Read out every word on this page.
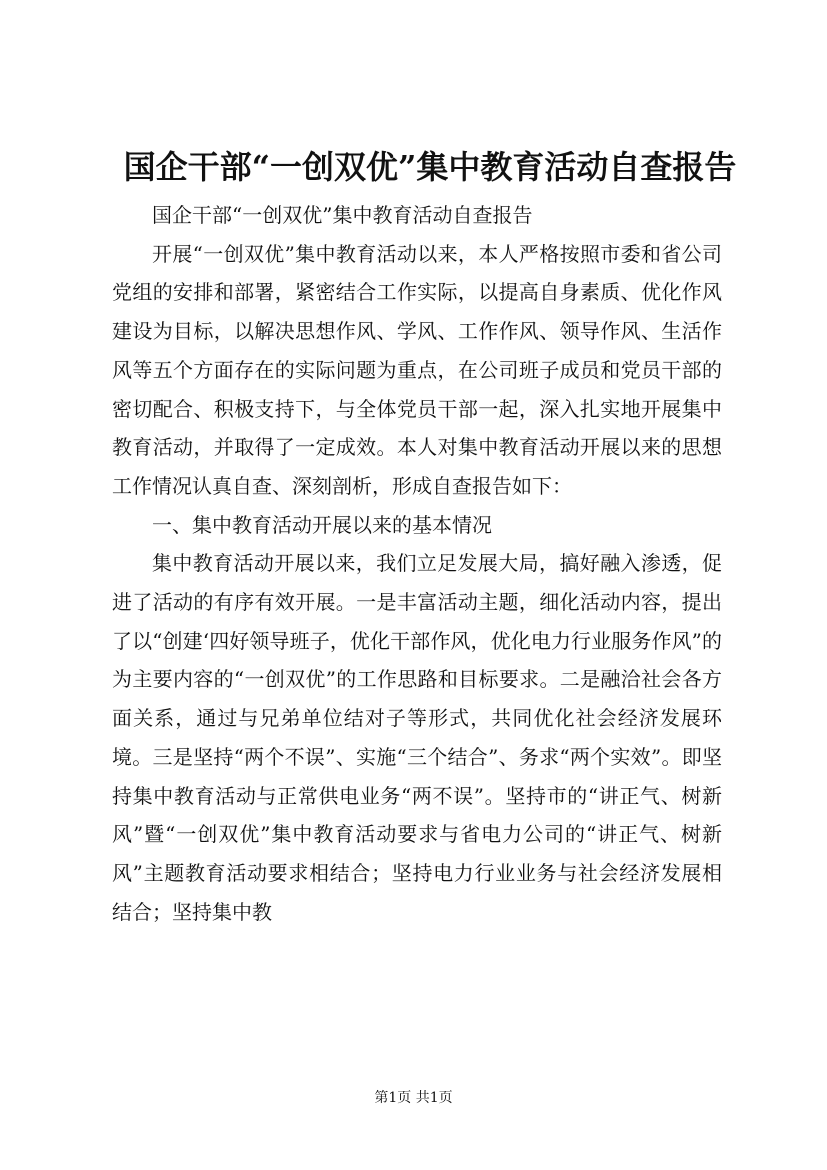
国企干部“一创双优”集中教育活动自查报告

国企干部“一创双优”集中教育活动自查报告

开展“一创双优”集中教育活动以来，本人严格按照市委和省公司党组的安排和部署，紧密结合工作实际，以提高自身素质、优化作风建设为目标，以解决思想作风、学风、工作作风、领导作风、生活作风等五个方面存在的实际问题为重点，在公司班子成员和党员干部的密切配合、积极支持下，与全体党员干部一起，深入扎实地开展集中教育活动，并取得了一定成效。本人对集中教育活动开展以来的思想工作情况认真自查、深刻剖析，形成自查报告如下：

一、集中教育活动开展以来的基本情况

集中教育活动开展以来，我们立足发展大局，搞好融入渗透，促进了活动的有序有效开展。一是丰富活动主题，细化活动内容，提出了以“创建‘四好领导班子，优化干部作风，优化电力行业服务作风”的为主要内容的“一创双优”的工作思路和目标要求。二是融洽社会各方面关系，通过与兄弟单位结对子等形式，共同优化社会经济发展环境。三是坚持“两个不误”、实施“三个结合”、务求“两个实效”。即坚持集中教育活动与正常供电业务“两不误”。坚持市的“讲正气、树新风”暨“一创双优”集中教育活动要求与省电力公司的“讲正气、树新风”主题教育活动要求相结合；坚持电力行业业务与社会经济发展相结合；坚持集中教

第1页 共1页
